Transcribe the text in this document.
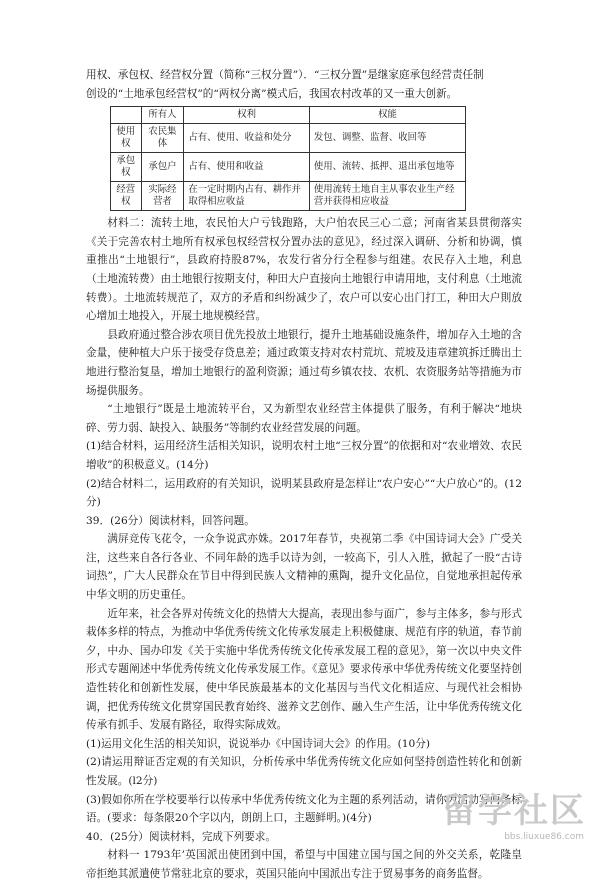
用权、承包权、经营权分置（简称“三权分置”）．“三权分置”是继家庭承包经营责任制
创设的“土地承包经营权”的“两权分离”模式后，我国农村改革的又一重大创新。
	所有人	权利	权能
使用权	农民集体	占有、使用、收益和处分	发包、调整、监督、收回等
承包权	承包户	占有、使用和收益	使用、流转、抵押、退出承包地等
经营权	实际经营者	在一定时期内占有、耕作并取得相应收益	使用流转土地自主从事农业生产经营并获得相应收益
材料二：流转土地，农民怕大户亏钱跑路，大户怕农民三心二意；河南省某县贯彻落实《关于完善农村土地所有权承包权经营权分置办法的意见》，经过深入调研、分析和协调，慎重推出“土地银行”，县政府持股87%，农发行省分行全程参与组建。农民存入土地，利息（土地流转费）由土地银行按期支付，种田大户直接向土地银行申请用地，支付利息（土地流转费）。土地流转规范了，双方的矛盾和纠纷减少了，农户可以安心出门打工，种田大户則放心增加土地投入，开展土地规模经营。
县政府通过整合涉农项目优先投放土地银行，提升土地基础设施条件，增加存入土地的含金量，使种植大户乐于接受存贷息差；通过政策支持对农村荒坑、荒坡及违章建筑拆迁腾出土地进行整治复垦，增加土地银行的盈利资源；通过苟乡镇农技、农机、农资服务站等措施为市场提供服务。
“土地银行”既是土地流转平台，又为新型农业经营主体提供了服务，有利于解决“地块碎、劳力弱、缺投入、缺服务”等制约农业经营发展的问题。
(1)结合材料，运用经济生活相关知识，说明农村土地“三权分置”的依据和对“农业增效、农民增收”的积极意义。(14分)
(2)结合材料二，运用政府的有关知识，说明某县政府是怎样让“农户安心”“大户放心”的。(12分)
39．(26分）阅读材料，回答问题。
满屏竞传飞花令，一众争说武亦姝。2017年春节，央视第二季《中国诗词大会》广受关注，这些来自各行各业、不同年龄的选手以诗为剑，一较高下，引人入胜，掀起了一股“古诗词热”，广大人民群众在节目中得到民族人文精神的熏陶，提升文化品位，自觉地承担起传承中华文明的历史重任。
近年来，社会各界对传统文化的热情大大提高，表现出参与面广，参与主体多，参与形式栽体多样的特点，为推动中华优秀传统文化传承发展走上积极健康、规范有序的轨道，春节前夕，中办、国办印发《关于实施中华优秀传统文化传承发展工程的意见》，第一次以中央文件形式专题阐述中华优秀传统文化传承发展工作。《意见》要求传承中华优秀传统文化要坚持创造性转化和创新性发展，使中华民族最基本的文化基因与当代文化相适应、与现代社会相协调，把优秀传统文化贯穿国民教育始终、滋养文艺创作、融入生产生活，让中华优秀传统文化传承有抓手、发展有路径，取得实际成效。
(1)运用文化生活的相关知识，说说举办《中国诗词大会》的作用。(10分)
(2)请运用辩证否定观的有关知识，分析传承中华优秀传统文化应如何坚持创造性转化和创新性发展。(l2分)
(3)假如你所在学校要举行以传承中华优秀传统文化为主题的系列活动，请你为活动写两条标语。(要求：每条限20个字以内，朗朗上口，主题鲜明。)(4分)
40．(25分）阅读材料，完成下列要求。
材料一 1793年’英国派出使团到中国，希望与中国建立国与国之间的外交关系，乾隆皇帝拒绝其派遣使节常驻北京的要求，英国只能向中国派出专注于贸易事务的商务监督。
留学社区
bbs.liuxue86.com
